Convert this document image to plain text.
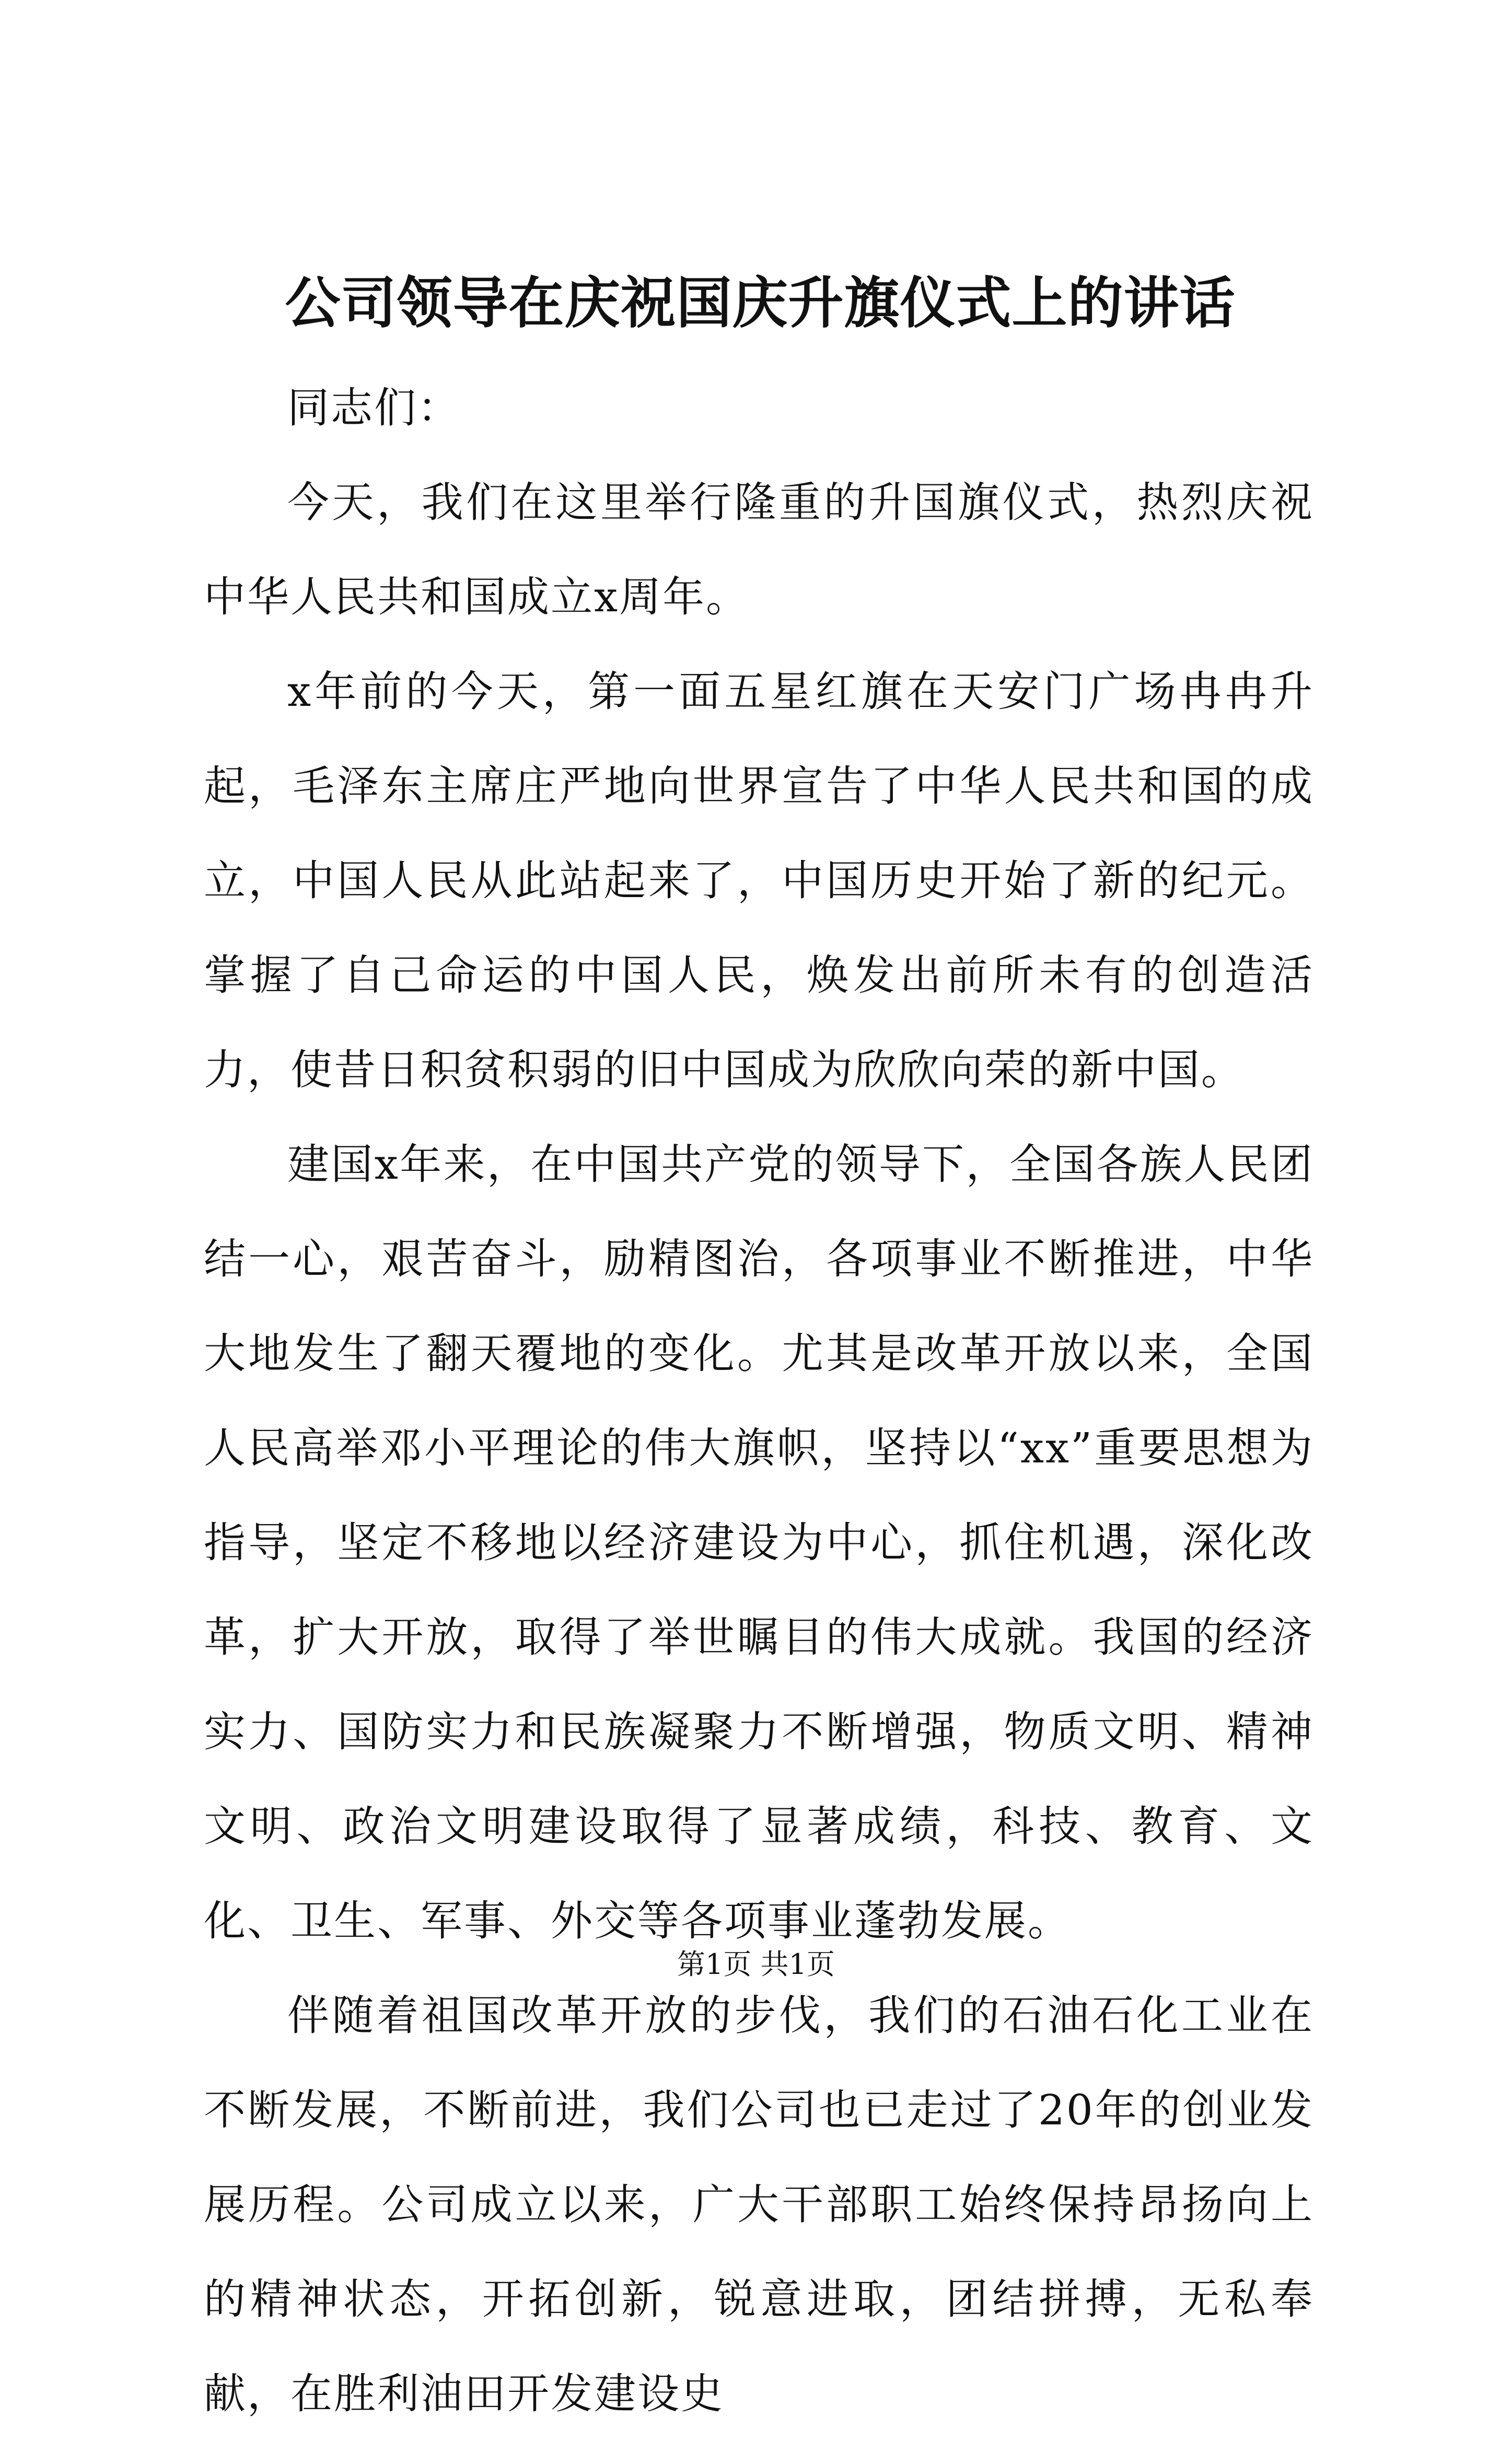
公司领导在庆祝国庆升旗仪式上的讲话

同志们：

今天，我们在这里举行隆重的升国旗仪式，热烈庆祝中华人民共和国成立x周年。

x年前的今天，第一面五星红旗在天安门广场冉冉升起，毛泽东主席庄严地向世界宣告了中华人民共和国的成立，中国人民从此站起来了，中国历史开始了新的纪元。掌握了自己命运的中国人民，焕发出前所未有的创造活力，使昔日积贫积弱的旧中国成为欣欣向荣的新中国。

建国x年来，在中国共产党的领导下，全国各族人民团结一心，艰苦奋斗，励精图治，各项事业不断推进，中华大地发生了翻天覆地的变化。尤其是改革开放以来，全国人民高举邓小平理论的伟大旗帜，坚持以“xx”重要思想为指导，坚定不移地以经济建设为中心，抓住机遇，深化改革，扩大开放，取得了举世瞩目的伟大成就。我国的经济实力、国防实力和民族凝聚力不断增强，物质文明、精神文明、政治文明建设取得了显著成绩，科技、教育、文化、卫生、军事、外交等各项事业蓬勃发展。

伴随着祖国改革开放的步伐，我们的石油石化工业在不断发展，不断前进，我们公司也已走过了20年的创业发展历程。公司成立以来，广大干部职工始终保持昂扬向上的精神状态，开拓创新，锐意进取，团结拼搏，无私奉献，在胜利油田开发建设史

第1页 共1页
